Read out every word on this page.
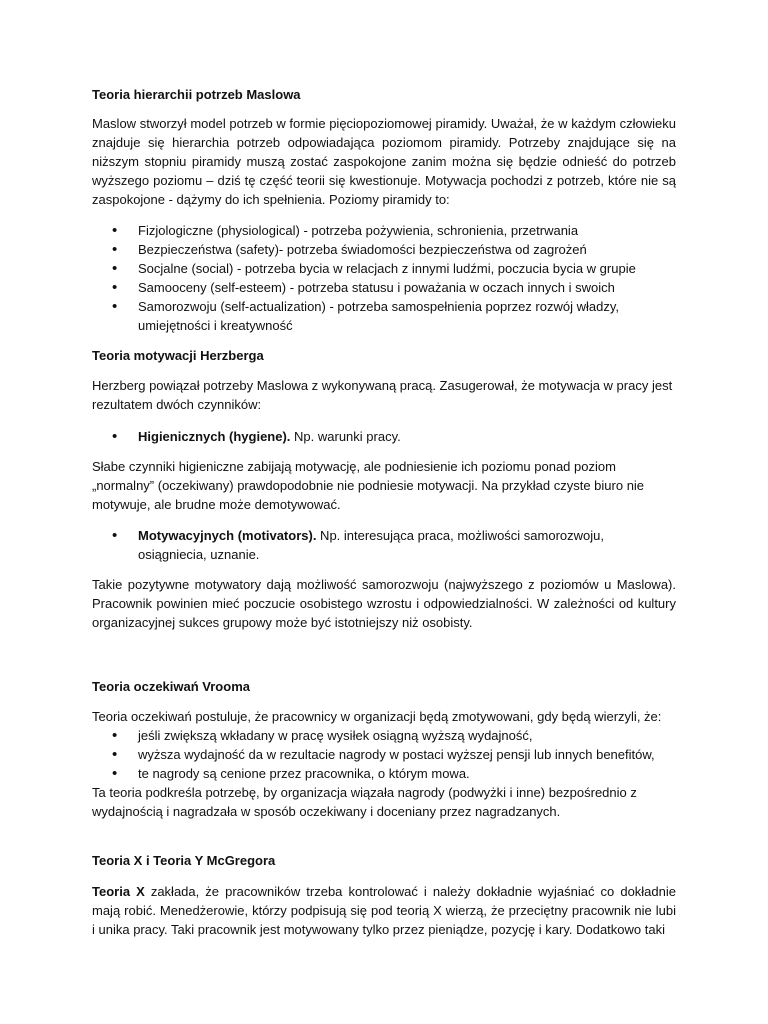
Teoria hierarchii potrzeb Maslowa

Maslow stworzył model potrzeb w formie pięciopoziomowej piramidy. Uważał, że w każdym człowieku znajduje się hierarchia potrzeb odpowiadająca poziomom piramidy. Potrzeby znajdujące się na niższym stopniu piramidy muszą zostać zaspokojone zanim można się będzie odnieść do potrzeb wyższego poziomu – dziś tę część teorii się kwestionuje. Motywacja pochodzi z potrzeb, które nie są zaspokojone - dążymy do ich spełnienia. Poziomy piramidy to:

• Fizjologiczne (physiological) - potrzeba pożywienia, schronienia, przetrwania
• Bezpieczeństwa (safety)- potrzeba świadomości bezpieczeństwa od zagrożeń
• Socjalne (social) - potrzeba bycia w relacjach z innymi ludźmi, poczucia bycia w grupie
• Samooceny (self-esteem) - potrzeba statusu i poważania w oczach innych i swoich
• Samorozwoju (self-actualization) - potrzeba samospełnienia poprzez rozwój władzy, umiejętności i kreatywność
Teoria motywacji Herzberga

Herzberg powiązał potrzeby Maslowa z wykonywaną pracą. Zasugerował, że motywacja w pracy jest rezultatem dwóch czynników:

• Higienicznych (hygiene). Np. warunki pracy.

Słabe czynniki higieniczne zabijają motywację, ale podniesienie ich poziomu ponad poziom „normalny” (oczekiwany) prawdopodobnie nie podniesie motywacji. Na przykład czyste biuro nie motywuje, ale brudne może demotywować.

• Motywacyjnych (motivators). Np. interesująca praca, możliwości samorozwoju, osiągniecia, uznanie.

Takie pozytywne motywatory dają możliwość samorozwoju (najwyższego z poziomów u Maslowa). Pracownik powinien mieć poczucie osobistego wzrostu i odpowiedzialności. W zależności od kultury organizacyjnej sukces grupowy może być istotniejszy niż osobisty.

Teoria oczekiwań Vrooma

Teoria oczekiwań postuluje, że pracownicy w organizacji będą zmotywowani, gdy będą wierzyli, że:

• jeśli zwiększą wkładany w pracę wysiłek osiągną wyższą wydajność,
• wyższa wydajność da w rezultacie nagrody w postaci wyższej pensji lub innych benefitów,
• te nagrody są cenione przez pracownika, o którym mowa.

Ta teoria podkreśla potrzebę, by organizacja wiązała nagrody (podwyżki i inne) bezpośrednio z wydajnością i nagradzała w sposób oczekiwany i doceniany przez nagradzanych.

Teoria X i Teoria Y McGregora

Teoria X zakłada, że pracowników trzeba kontrolować i należy dokładnie wyjaśniać co dokładnie mają robić. Menedżerowie, którzy podpisują się pod teorią X wierzą, że przeciętny pracownik nie lubi i unika pracy. Taki pracownik jest motywowany tylko przez pieniądze, pozycję i kary. Dodatkowo taki
